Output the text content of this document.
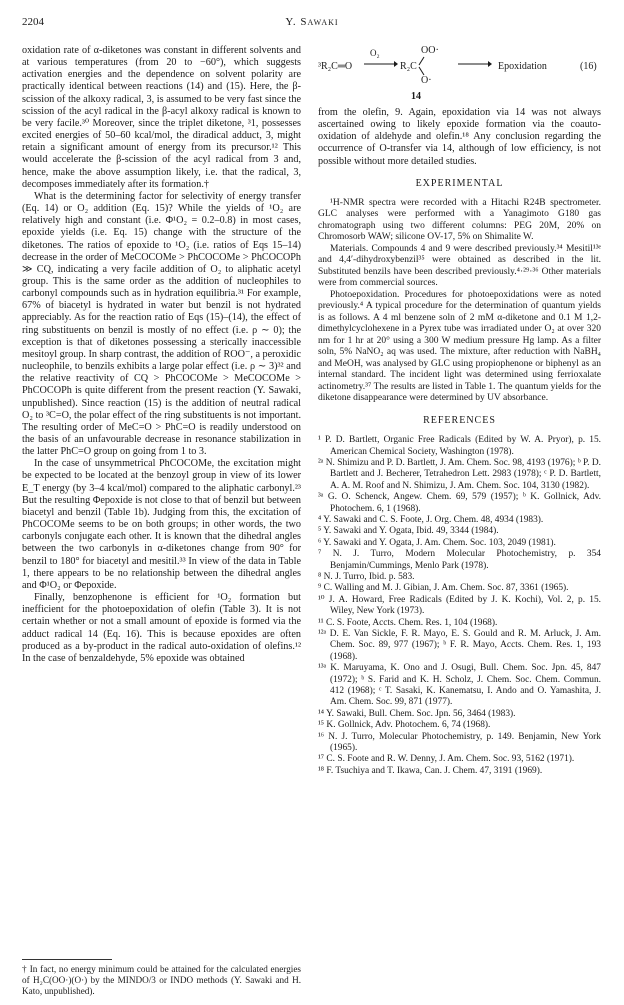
2204	Y. Sawaki

oxidation rate of α-diketones was constant in different solvents and at various temperatures (from 20 to −60°), which suggests activation energies and the dependence on solvent polarity are practically identical between reactions (14) and (15). Here, the β-scission of the alkoxy radical, 3, is assumed to be very fast since the scission of the acyl radical in the β-acyl alkoxy radical is known to be very facile.³⁰ Moreover, since the triplet diketone, ³1, possesses excited energies of 50–60 kcal/mol, the diradical adduct, 3, might retain a significant amount of energy from its precursor.¹² This would accelerate the β-scission of the acyl radical from 3 and, hence, make the above assumption likely, i.e. that the radical, 3, decomposes immediately after its formation.†

What is the determining factor for selectivity of energy transfer (Eq. 14) or O₂ addition (Eq. 15)? While the yields of ¹O₂ are relatively high and constant (i.e. Φ¹O₂ = 0.2–0.8) in most cases, epoxide yields (i.e. Eq. 15) change with the structure of the diketones. The ratios of epoxide to ¹O₂ (i.e. ratios of Eqs 15–14) decrease in the order of MeCOCOMe > PhCOCOMe > PhCOCOPh ≫ CQ, indicating a very facile addition of O₂ to aliphatic acetyl group. This is the same order as the addition of nucleophiles to carbonyl compounds such as in hydration equilibria.³¹ For example, 67% of biacetyl is hydrated in water but benzil is not hydrated appreciably. As for the reaction ratio of Eqs (15)–(14), the effect of ring substituents on benzil is mostly of no effect (i.e. ρ ∼ 0); the exception is that of diketones possessing a sterically inaccessible mesitoyl group. In sharp contrast, the addition of ROO⁻, a peroxidic nucleophile, to benzils exhibits a large polar effect (i.e. ρ ∼ 3)³² and the relative reactivity of CQ > PhCOCOMe > MeCOCOMe > PhCOCOPh is quite different from the present reaction (Y. Sawaki, unpublished). Since reaction (15) is the addition of neutral radical O₂ to ³C=O, the polar effect of the ring substituents is not important. The resulting order of MeC=O > PhC=O is readily understood on the basis of an unfavourable decrease in resonance stabilization in the latter PhC=O group on going from 1 to 3.

In the case of unsymmetrical PhCOCOMe, the excitation might be expected to be located at the benzoyl group in view of its lower E_T energy (by 3–4 kcal/mol) compared to the aliphatic carbonyl.²³ But the resulting Φepoxide is not close to that of benzil but between biacetyl and benzil (Table 1b). Judging from this, the excitation of PhCOCOMe seems to be on both groups; in other words, the two carbonyls conjugate each other. It is known that the dihedral angles between the two carbonyls in α-diketones change from 90° for benzil to 180° for biacetyl and mesitil.³³ In view of the data in Table 1, there appears to be no relationship between the dihedral angles and Φ¹O₂ or Φepoxide.

Finally, benzophenone is efficient for ¹O₂ formation but inefficient for the photoepoxidation of olefin (Table 3). It is not certain whether or not a small amount of epoxide is formed via the adduct radical 14 (Eq. 16). This is because epoxides are often produced as a by-product in the radical auto-oxidation of olefins.¹² In the case of benzaldehyde, 5% epoxide was obtained

† In fact, no energy minimum could be attained for the calculated energies of H₂C(OO·)(O·) by the MINDO/3 or INDO methods (Y. Sawaki and H. Kato, unpublished).

³R₂C═O
O₂	OO·
R₂C
O·
Epoxidation	(16)
14

from the olefin, 9. Again, epoxidation via 14 was not always ascertained owing to likely epoxide formation via the coauto-oxidation of aldehyde and olefin.¹⁸ Any conclusion regarding the occurrence of O-transfer via 14, although of low efficiency, is not possible without more detailed studies.

EXPERIMENTAL

¹H-NMR spectra were recorded with a Hitachi R24B spectrometer. GLC analyses were performed with a Yanagimoto G180 gas chromatograph using two different columns: PEG 20M, 20% on Chromosorb WAW; silicone OV-17, 5% on Shimalite W.

Materials. Compounds 4 and 9 were described previously.³⁴ Mesitil¹³ᵉ and 4,4′-dihydroxybenzil³⁵ were obtained as described in the lit. Substituted benzils have been described previously.⁴·²⁹·³⁶ Other materials were from commercial sources.

Photoepoxidation. Procedures for photoepoxidations were as noted previously.⁴ A typical procedure for the determination of quantum yields is as follows. A 4 ml benzene soln of 2 mM α-diketone and 0.1 M 1,2-dimethylcyclohexene in a Pyrex tube was irradiated under O₂ at over 320 nm for 1 hr at 20° using a 300 W medium pressure Hg lamp. As a filter soln, 5% NaNO₂ aq was used. The mixture, after reduction with NaBH₄ and MeOH, was analysed by GLC using propiophenone or biphenyl as an internal standard. The incident light was determined using ferrioxalate actinometry.³⁷ The results are listed in Table 1. The quantum yields for the diketone disappearance were determined by UV absorbance.

REFERENCES

¹ P. D. Bartlett, Organic Free Radicals (Edited by W. A. Pryor), p. 15. American Chemical Society, Washington (1978).

²ᵃ N. Shimizu and P. D. Bartlett, J. Am. Chem. Soc. 98, 4193 (1976); ᵇ P. D. Bartlett and J. Becherer, Tetrahedron Lett. 2983 (1978); ᶜ P. D. Bartlett, A. A. M. Roof and N. Shimizu, J. Am. Chem. Soc. 104, 3130 (1982).

³ᵃ G. O. Schenck, Angew. Chem. 69, 579 (1957); ᵇ K. Gollnick, Adv. Photochem. 6, 1 (1968).

⁴ Y. Sawaki and C. S. Foote, J. Org. Chem. 48, 4934 (1983).

⁵ Y. Sawaki and Y. Ogata, Ibid. 49, 3344 (1984).

⁶ Y. Sawaki and Y. Ogata, J. Am. Chem. Soc. 103, 2049 (1981).

⁷ N. J. Turro, Modern Molecular Photochemistry, p. 354 Benjamin/Cummings, Menlo Park (1978).

⁸ N. J. Turro, Ibid. p. 583.

⁹ C. Walling and M. J. Gibian, J. Am. Chem. Soc. 87, 3361 (1965).

¹⁰ J. A. Howard, Free Radicals (Edited by J. K. Kochi), Vol. 2, p. 15. Wiley, New York (1973).

¹¹ C. S. Foote, Accts. Chem. Res. 1, 104 (1968).

¹²ᵃ D. E. Van Sickle, F. R. Mayo, E. S. Gould and R. M. Arluck, J. Am. Chem. Soc. 89, 977 (1967); ᵇ F. R. Mayo, Accts. Chem. Res. 1, 193 (1968).

¹³ᵃ K. Maruyama, K. Ono and J. Osugi, Bull. Chem. Soc. Jpn. 45, 847 (1972); ᵇ S. Farid and K. H. Scholz, J. Chem. Soc. Chem. Commun. 412 (1968); ᶜ T. Sasaki, K. Kanematsu, I. Ando and O. Yamashita, J. Am. Chem. Soc. 99, 871 (1977).

¹⁴ Y. Sawaki, Bull. Chem. Soc. Jpn. 56, 3464 (1983).

¹⁵ K. Gollnick, Adv. Photochem. 6, 74 (1968).

¹⁶ N. J. Turro, Molecular Photochemistry, p. 149. Benjamin, New York (1965).

¹⁷ C. S. Foote and R. W. Denny, J. Am. Chem. Soc. 93, 5162 (1971).

¹⁸ F. Tsuchiya and T. Ikawa, Can. J. Chem. 47, 3191 (1969).
